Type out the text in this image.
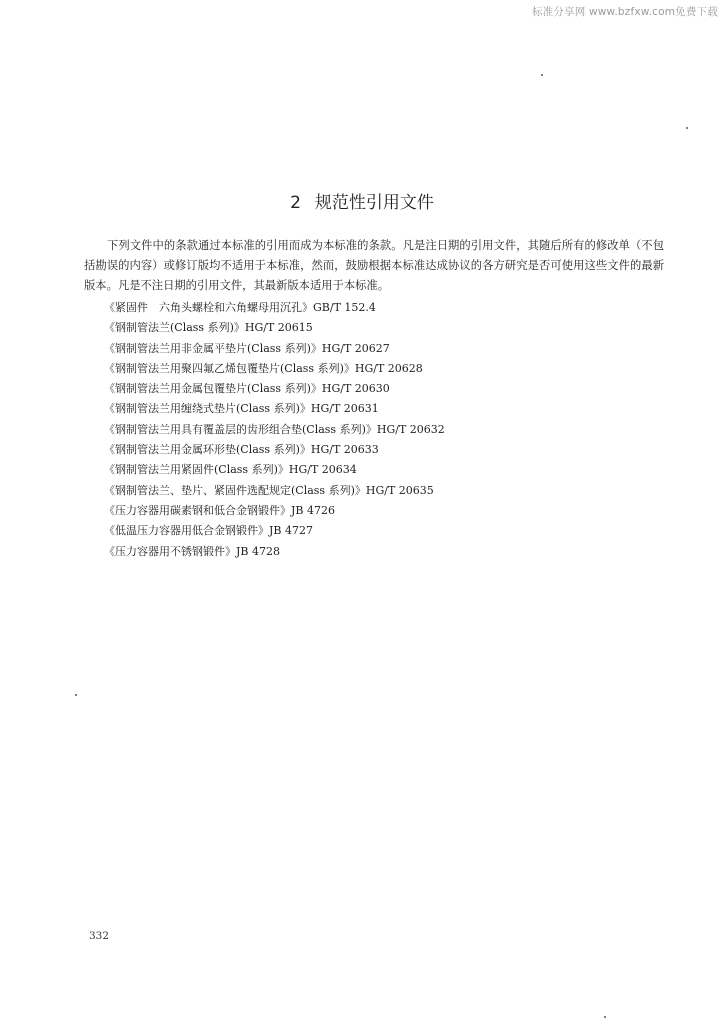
标准分享网 www.bzfxw.com免费下载
2 规范性引用文件

下列文件中的条款通过本标准的引用而成为本标准的条款。凡是注日期的引用文件，其随后所有的修改单（不包括勘误的内容）或修订版均不适用于本标准，然而，鼓励根据本标准达成协议的各方研究是否可使用这些文件的最新版本。凡是不注日期的引用文件，其最新版本适用于本标准。

《紧固件　六角头螺栓和六角螺母用沉孔》GB/T 152.4
《钢制管法兰(Class 系列)》HG/T 20615
《钢制管法兰用非金属平垫片(Class 系列)》HG/T 20627
《钢制管法兰用聚四氟乙烯包覆垫片(Class 系列)》HG/T 20628
《钢制管法兰用金属包覆垫片(Class 系列)》HG/T 20630
《钢制管法兰用缠绕式垫片(Class 系列)》HG/T 20631
《钢制管法兰用具有覆盖层的齿形组合垫(Class 系列)》HG/T 20632
《钢制管法兰用金属环形垫(Class 系列)》HG/T 20633
《钢制管法兰用紧固件(Class 系列)》HG/T 20634
《钢制管法兰、垫片、紧固件选配规定(Class 系列)》HG/T 20635
《压力容器用碳素钢和低合金钢锻件》JB 4726
《低温压力容器用低合金钢锻件》JB 4727
《压力容器用不锈钢锻件》JB 4728
332
